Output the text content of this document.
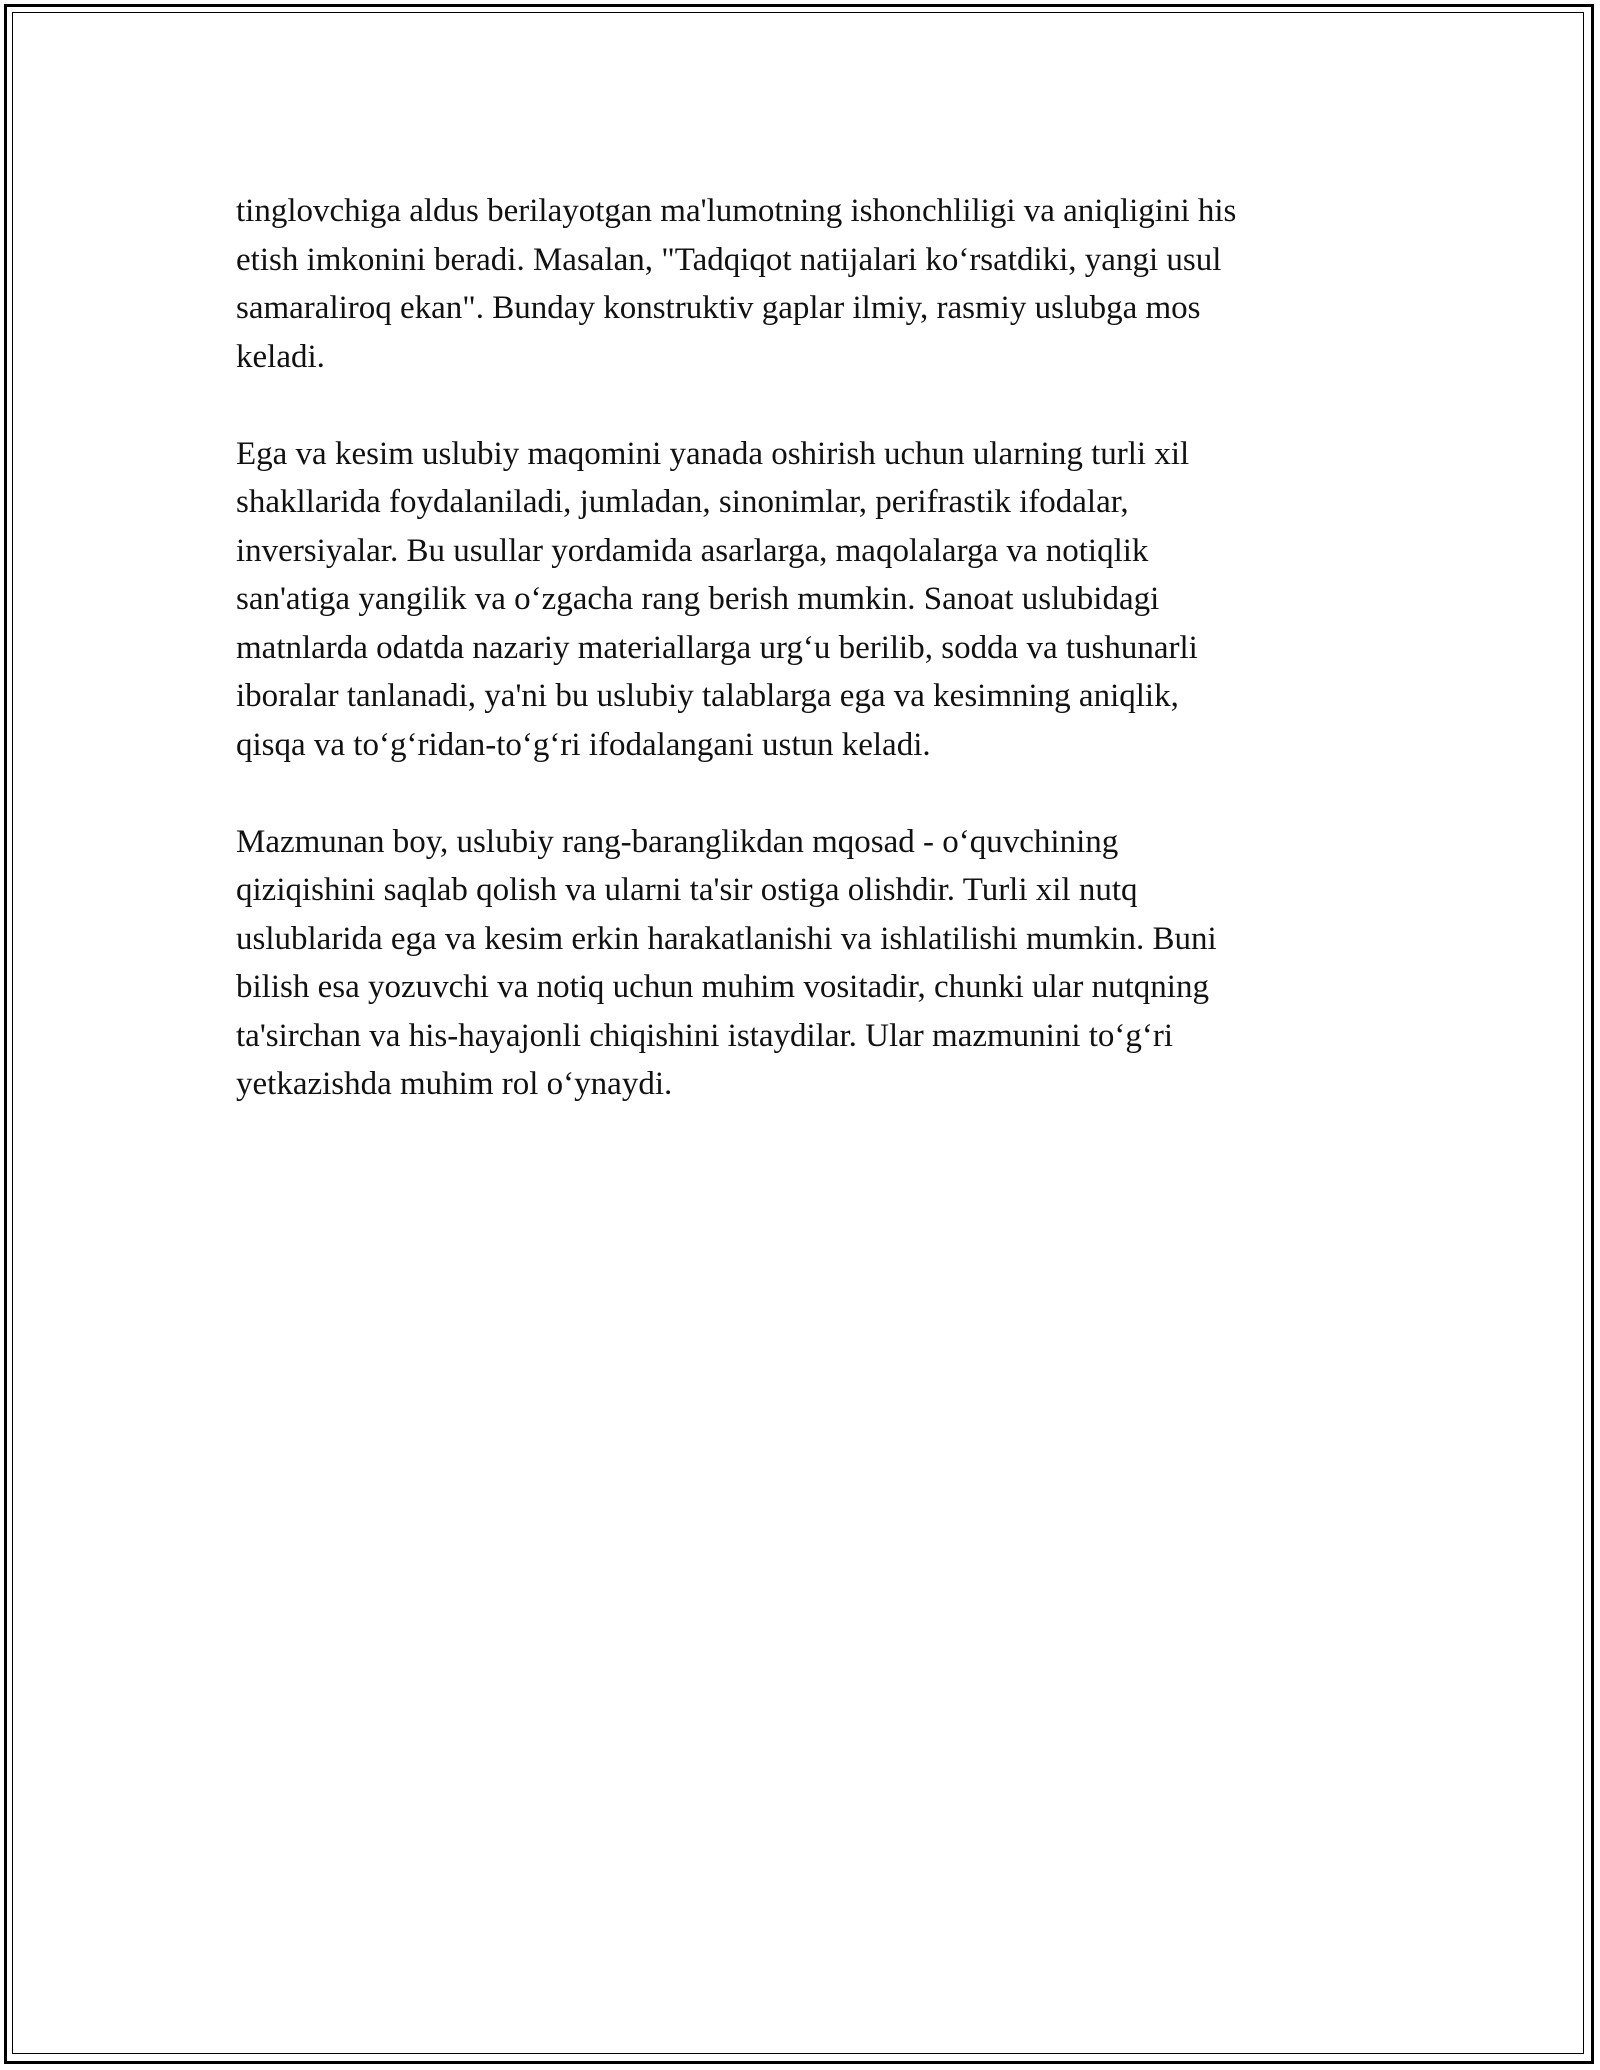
tinglovchiga aldus berilayotgan ma'lumotning ishonchliligi va aniqligini his
etish imkonini beradi. Masalan, "Tadqiqot natijalari ko‘rsatdiki, yangi usul
samaraliroq ekan". Bunday konstruktiv gaplar ilmiy, rasmiy uslubga mos
keladi.

Ega va kesim uslubiy maqomini yanada oshirish uchun ularning turli xil
shakllarida foydalaniladi, jumladan, sinonimlar, perifrastik ifodalar,
inversiyalar. Bu usullar yordamida asarlarga, maqolalarga va notiqlik
san'atiga yangilik va o‘zgacha rang berish mumkin. Sanoat uslubidagi
matnlarda odatda nazariy materiallarga urg‘u berilib, sodda va tushunarli
iboralar tanlanadi, ya'ni bu uslubiy talablarga ega va kesimning aniqlik,
qisqa va to‘g‘ridan-to‘g‘ri ifodalangani ustun keladi.

Mazmunan boy, uslubiy rang-baranglikdan mqosad - o‘quvchining
qiziqishini saqlab qolish va ularni ta'sir ostiga olishdir. Turli xil nutq
uslublarida ega va kesim erkin harakatlanishi va ishlatilishi mumkin. Buni
bilish esa yozuvchi va notiq uchun muhim vositadir, chunki ular nutqning
ta'sirchan va his-hayajonli chiqishini istaydilar. Ular mazmunini to‘g‘ri
yetkazishda muhim rol o‘ynaydi.
